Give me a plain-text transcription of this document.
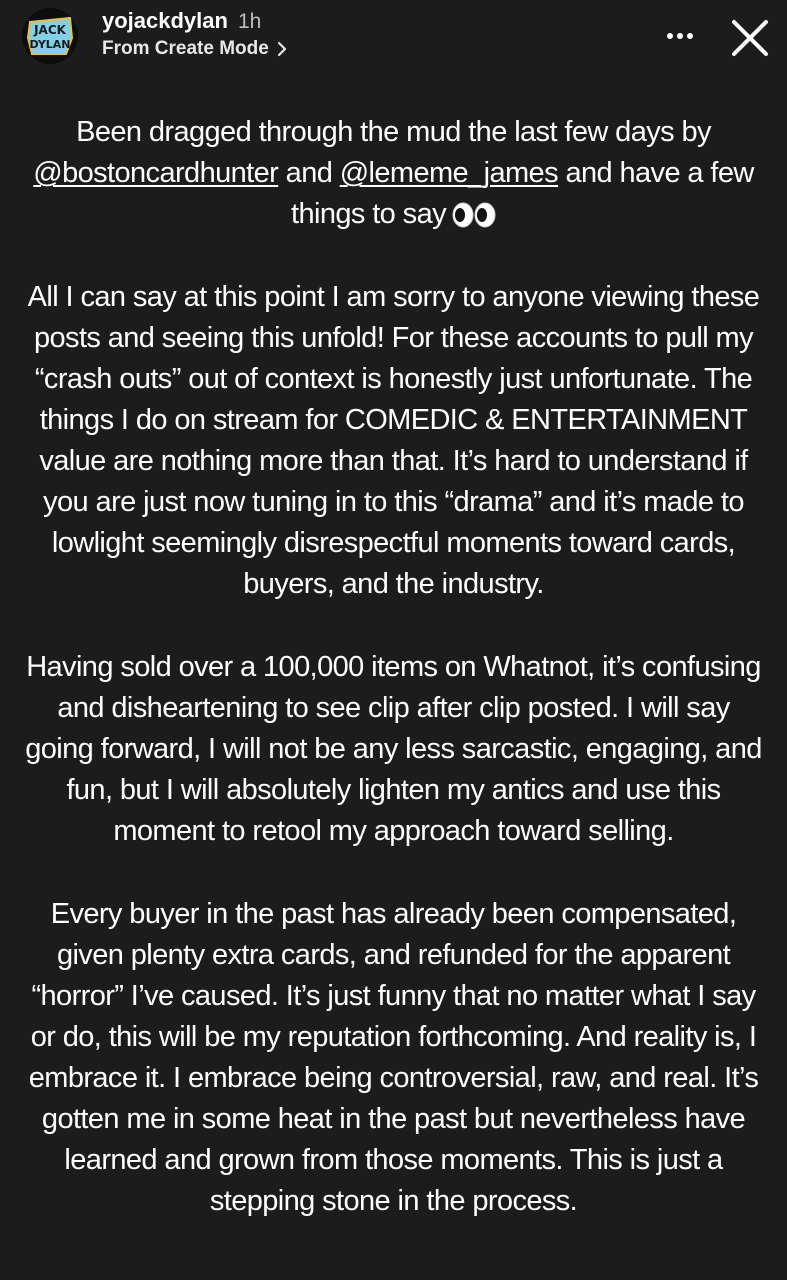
JACK
DYLAN
yojackdylan 1h
From Create Mode

Been dragged through the mud the last few days by @bostoncardhunter and @lememe_james and have a few things to say

All I can say at this point I am sorry to anyone viewing these posts and seeing this unfold! For these accounts to pull my “crash outs” out of context is honestly just unfortunate. The things I do on stream for COMEDIC & ENTERTAINMENT value are nothing more than that. It’s hard to understand if you are just now tuning in to this “drama” and it’s made to lowlight seemingly disrespectful moments toward cards, buyers, and the industry.

Having sold over a 100,000 items on Whatnot, it’s confusing and disheartening to see clip after clip posted. I will say going forward, I will not be any less sarcastic, engaging, and fun, but I will absolutely lighten my antics and use this moment to retool my approach toward selling.

Every buyer in the past has already been compensated, given plenty extra cards, and refunded for the apparent “horror” I’ve caused. It’s just funny that no matter what I say or do, this will be my reputation forthcoming. And reality is, I embrace it. I embrace being controversial, raw, and real. It’s gotten me in some heat in the past but nevertheless have learned and grown from those moments. This is just a stepping stone in the process.
